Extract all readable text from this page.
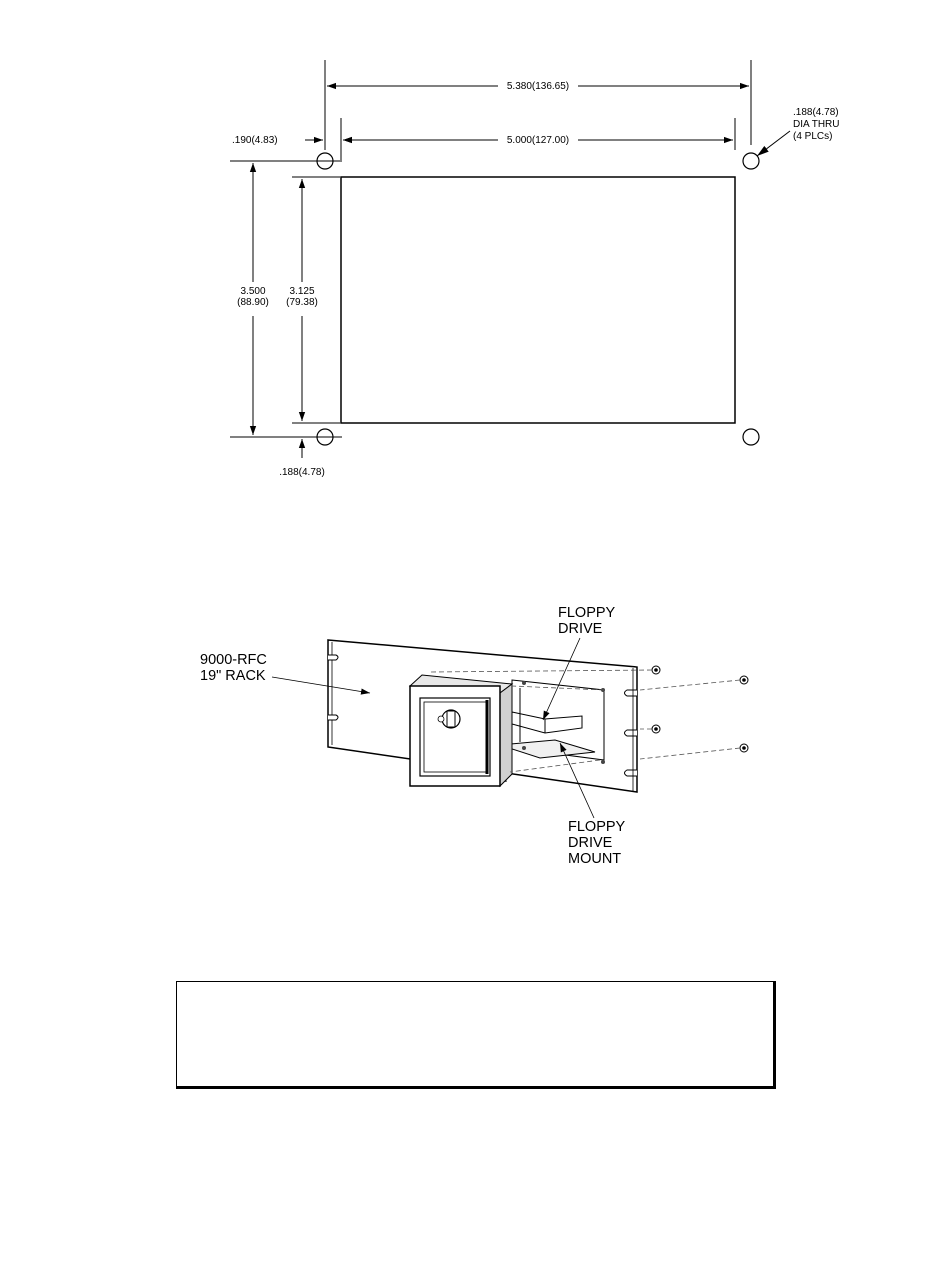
5.380(136.65)
5.000(127.00)
.190(4.83)
.188(4.78)
DIA THRU
(4 PLCs)
3.500
(88.90)
3.125
(79.38)
.188(4.78)
9000-RFC
19" RACK
FLOPPY
DRIVE
FLOPPY
DRIVE
MOUNT
